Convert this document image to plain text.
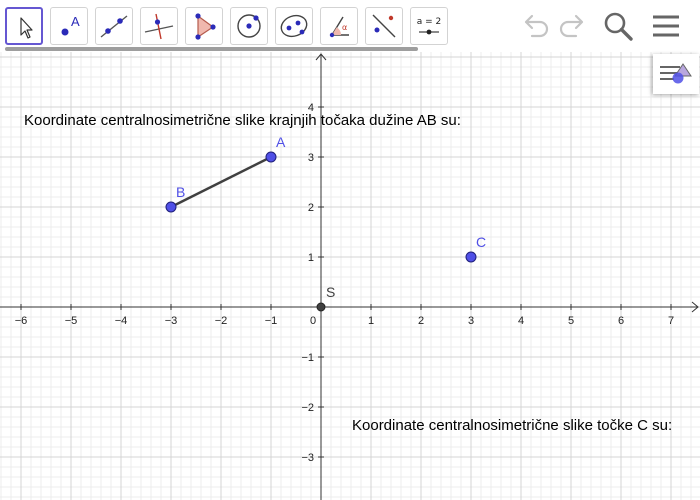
A	α
a = 2
−6	−5	−4	−3	−2	−1	0	1	2	3	4	5	6	7
−3
−2
−1
1
2
3
4
A
B
C
S
Koordinate centralnosimetrične slike krajnjih točaka dužine AB su:
Koordinate centralnosimetrične slike točke C su:
